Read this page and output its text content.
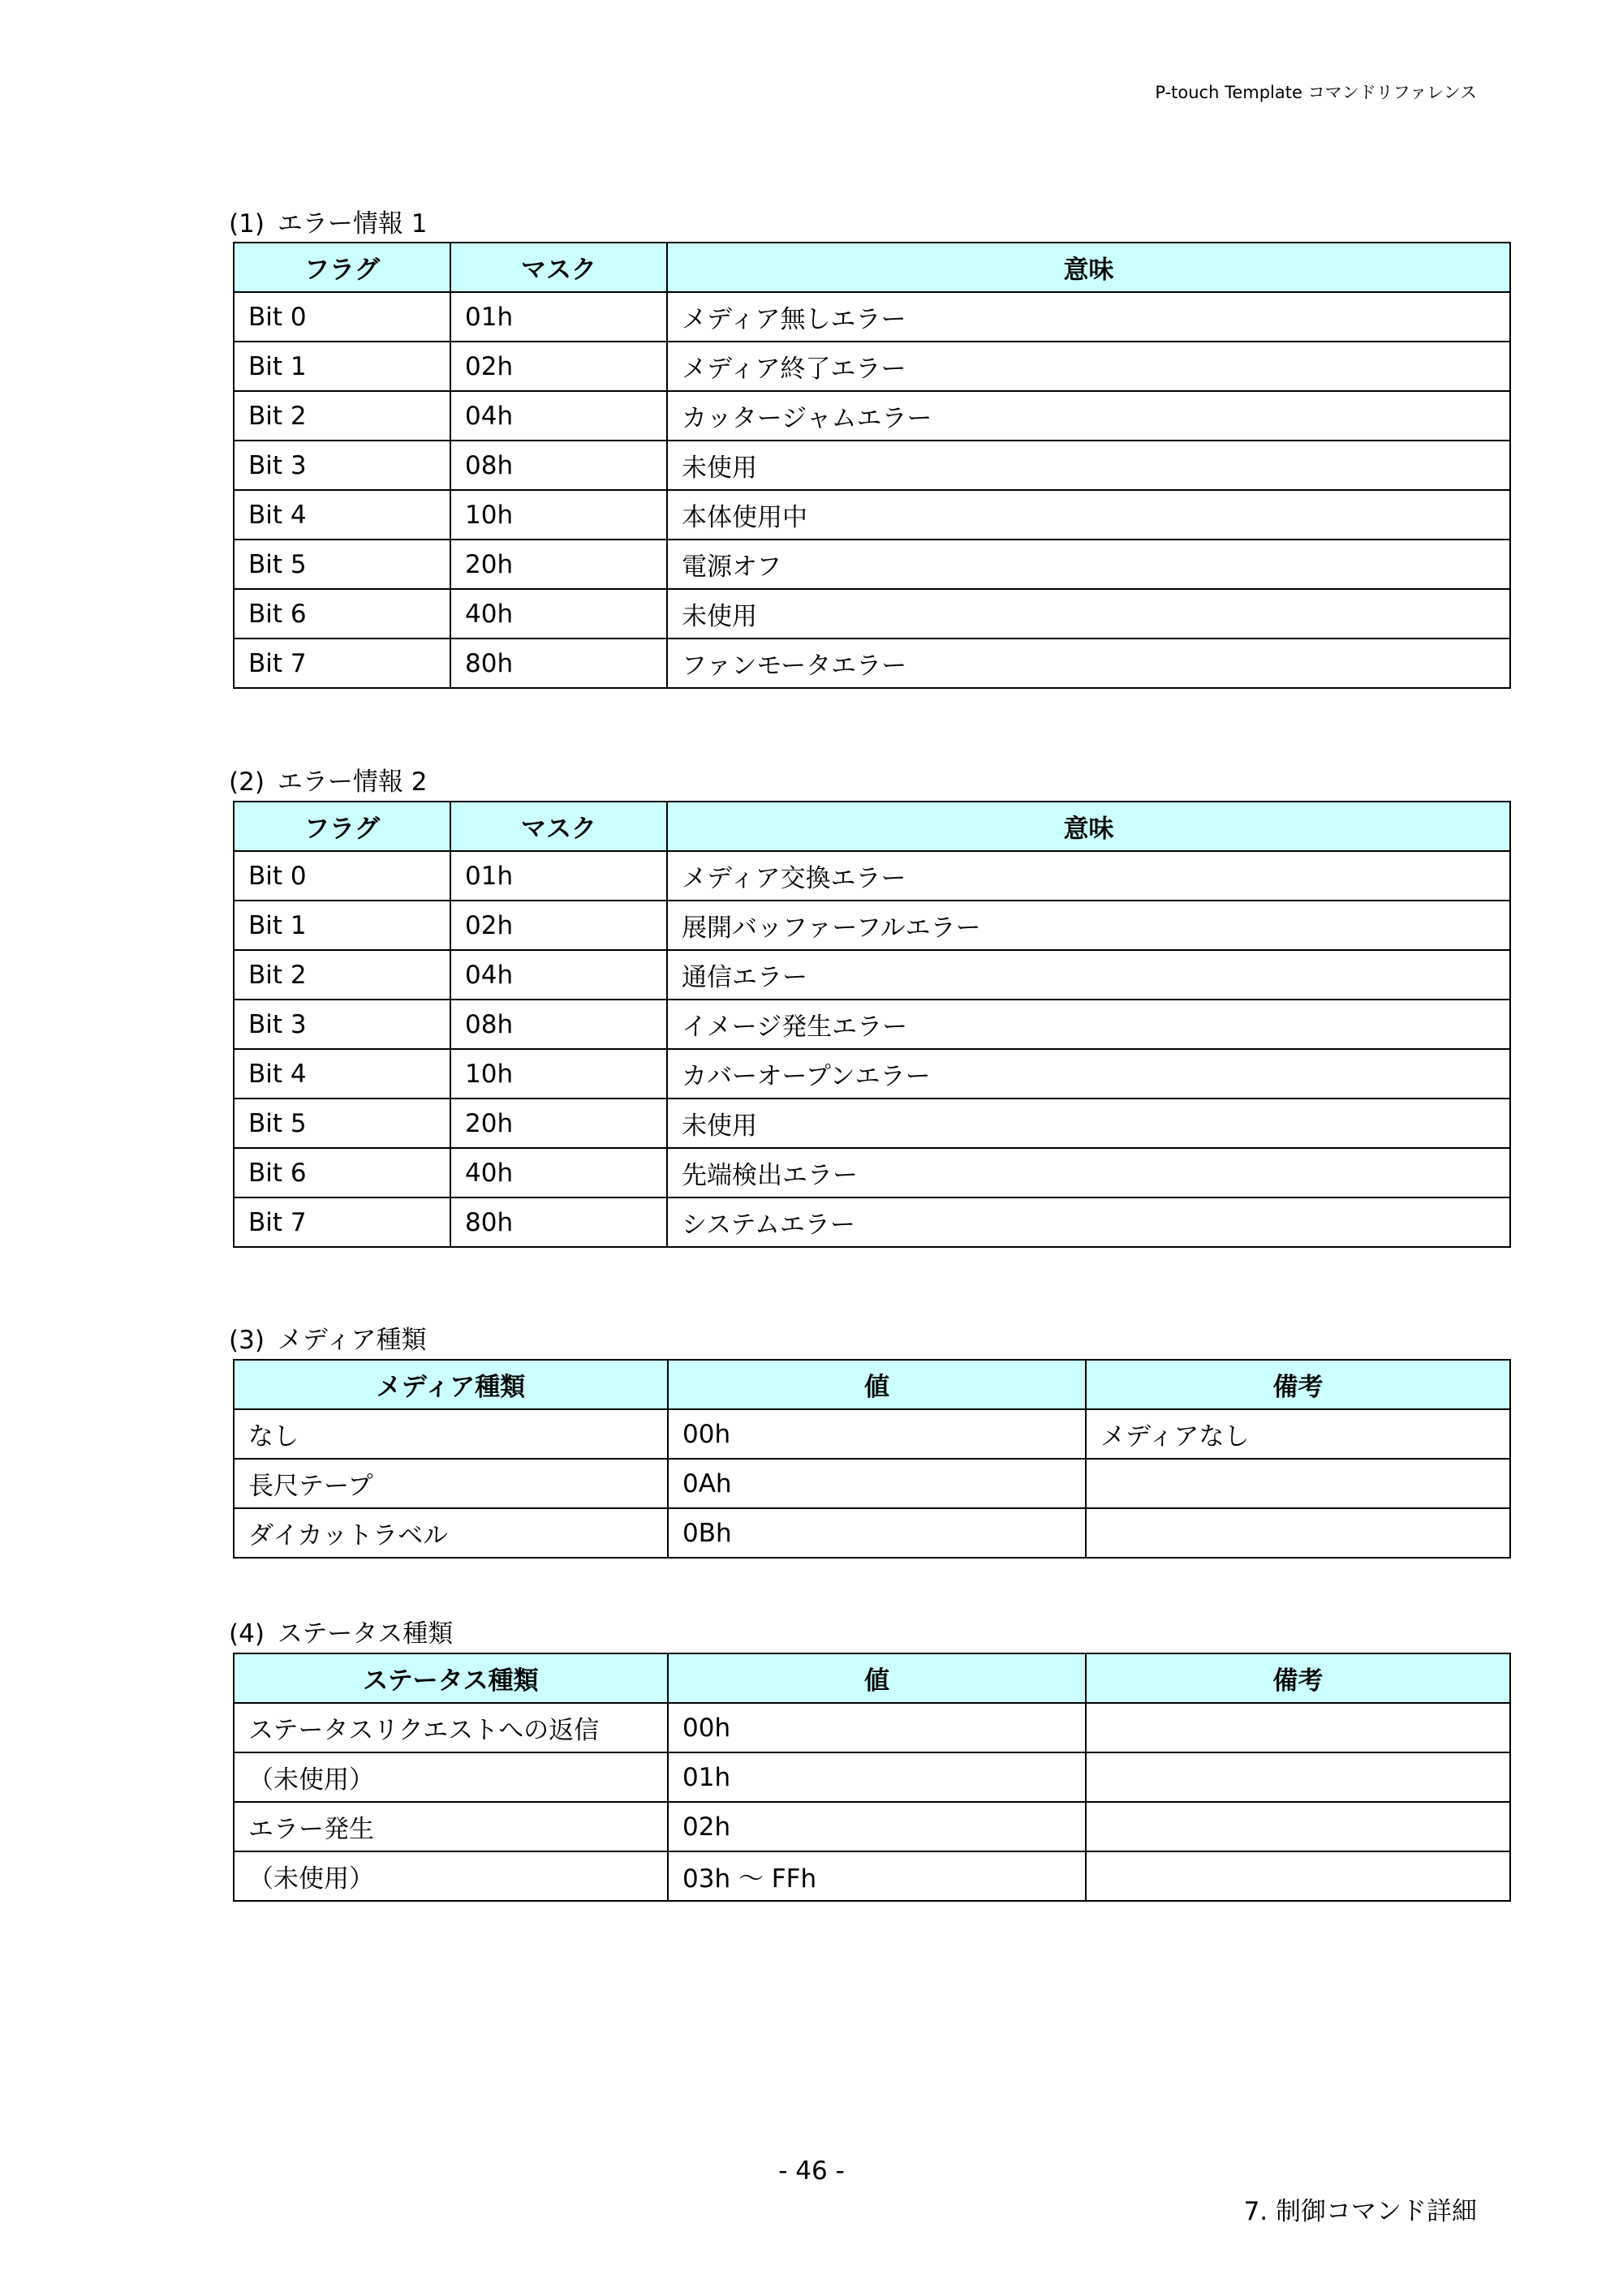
P-touch Template コマンドリファレンス
(1) エラー情報 1
フラグ	マスク	意味
Bit 0	01h	メディア無しエラー
Bit 1	02h	メディア終了エラー
Bit 2	04h	カッタージャムエラー
Bit 3	08h	未使用
Bit 4	10h	本体使用中
Bit 5	20h	電源オフ
Bit 6	40h	未使用
Bit 7	80h	ファンモータエラー
(2) エラー情報 2
フラグ	マスク	意味
Bit 0	01h	メディア交換エラー
Bit 1	02h	展開バッファーフルエラー
Bit 2	04h	通信エラー
Bit 3	08h	イメージ発生エラー
Bit 4	10h	カバーオープンエラー
Bit 5	20h	未使用
Bit 6	40h	先端検出エラー
Bit 7	80h	システムエラー
(3) メディア種類
メディア種類	値	備考
なし	00h	メディアなし
長尺テープ	0Ah	
ダイカットラベル	0Bh	
(4) ステータス種類
ステータス種類	値	備考
ステータスリクエストへの返信	00h	
（未使用）	01h	
エラー発生	02h	
（未使用）	03h 〜 FFh	
- 46 -
7. 制御コマンド詳細
